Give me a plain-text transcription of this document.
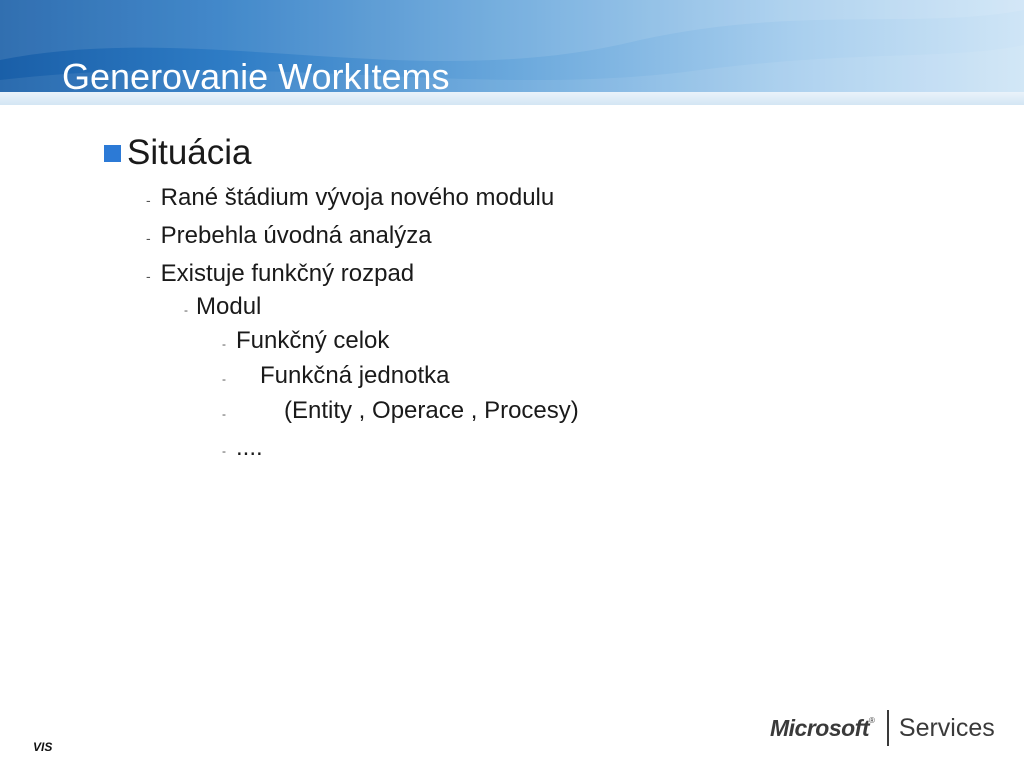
Generovanie WorkItems
Situácia
- Rané štádium vývoja nového modulu
- Prebehla úvodná analýza
- Existuje funkčný rozpad
- Modul
- Funkčný celok
- Funkčná jednotka
- (Entity , Operace , Procesy)
- ....
VIS
Microsoft ® Services
